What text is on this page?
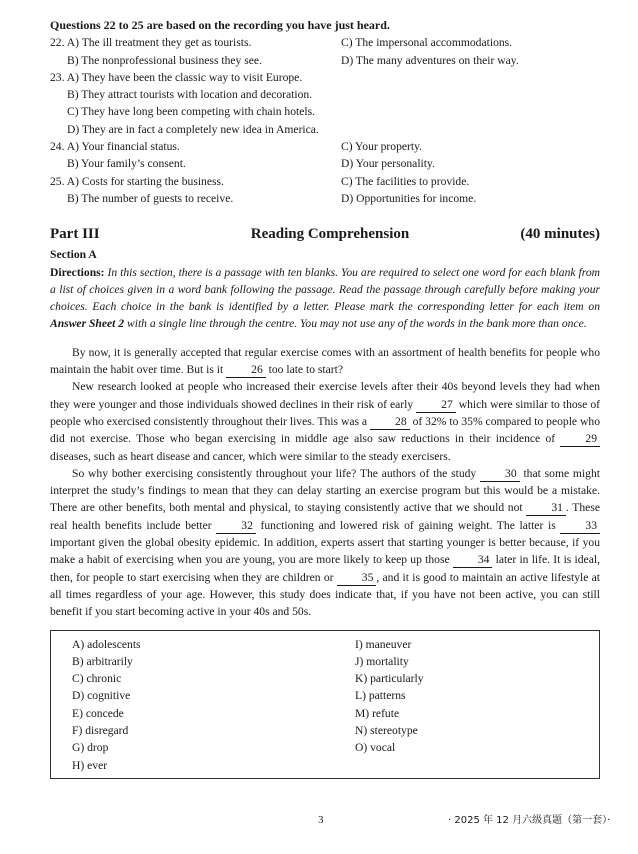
Questions 22 to 25 are based on the recording you have just heard.
22. A) The ill treatment they get as tourists.	C) The impersonal accommodations.
B) The nonprofessional business they see.	D) The many adventures on their way.
23. A) They have been the classic way to visit Europe.
B) They attract tourists with location and decoration.
C) They have long been competing with chain hotels.
D) They are in fact a completely new idea in America.
24. A) Your financial status.	C) Your property.
B) Your family’s consent.	D) Your personality.
25. A) Costs for starting the business.	C) The facilities to provide.
B) The number of guests to receive.	D) Opportunities for income.
Part III	Reading Comprehension	(40 minutes)
Section A
Directions: In this section, there is a passage with ten blanks. You are required to select one word for each blank from a list of choices given in a word bank following the passage. Read the passage through carefully before making your choices. Each choice in the bank is identified by a letter. Please mark the corresponding letter for each item on Answer Sheet 2 with a single line through the centre. You may not use any of the words in the bank more than once.

By now, it is generally accepted that regular exercise comes with an assortment of health benefits for people who maintain the habit over time. But is it 26 too late to start?

New research looked at people who increased their exercise levels after their 40s beyond levels they had when they were younger and those individuals showed declines in their risk of early 27 which were similar to those of people who exercised consistently throughout their lives. This was a 28 of 32% to 35% compared to people who did not exercise. Those who began exercising in middle age also saw reductions in their incidence of 29 diseases, such as heart disease and cancer, which were similar to the steady exercisers.

So why bother exercising consistently throughout your life? The authors of the study 30 that some might interpret the study’s findings to mean that they can delay starting an exercise program but this would be a mistake. There are other benefits, both mental and physical, to staying consistently active that we should not 31 . These real health benefits include better 32 functioning and lowered risk of gaining weight. The latter is 33 important given the global obesity epidemic. In addition, experts assert that starting younger is better because, if you make a habit of exercising when you are young, you are more likely to keep up those 34 later in life. It is ideal, then, for people to start exercising when they are children or 35 , and it is good to maintain an active lifestyle at all times regardless of your age. However, this study does indicate that, if you have not been active, you can still benefit if you start becoming active in your 40s and 50s.

A) adolescents
B) arbitrarily
C) chronic
D) cognitive
E) concede
F) disregard
G) drop
H) ever
I) maneuver
J) mortality
K) particularly
L) patterns
M) refute
N) stereotype
O) vocal
3	· 2025 年 12 月六级真题（第一套）·
